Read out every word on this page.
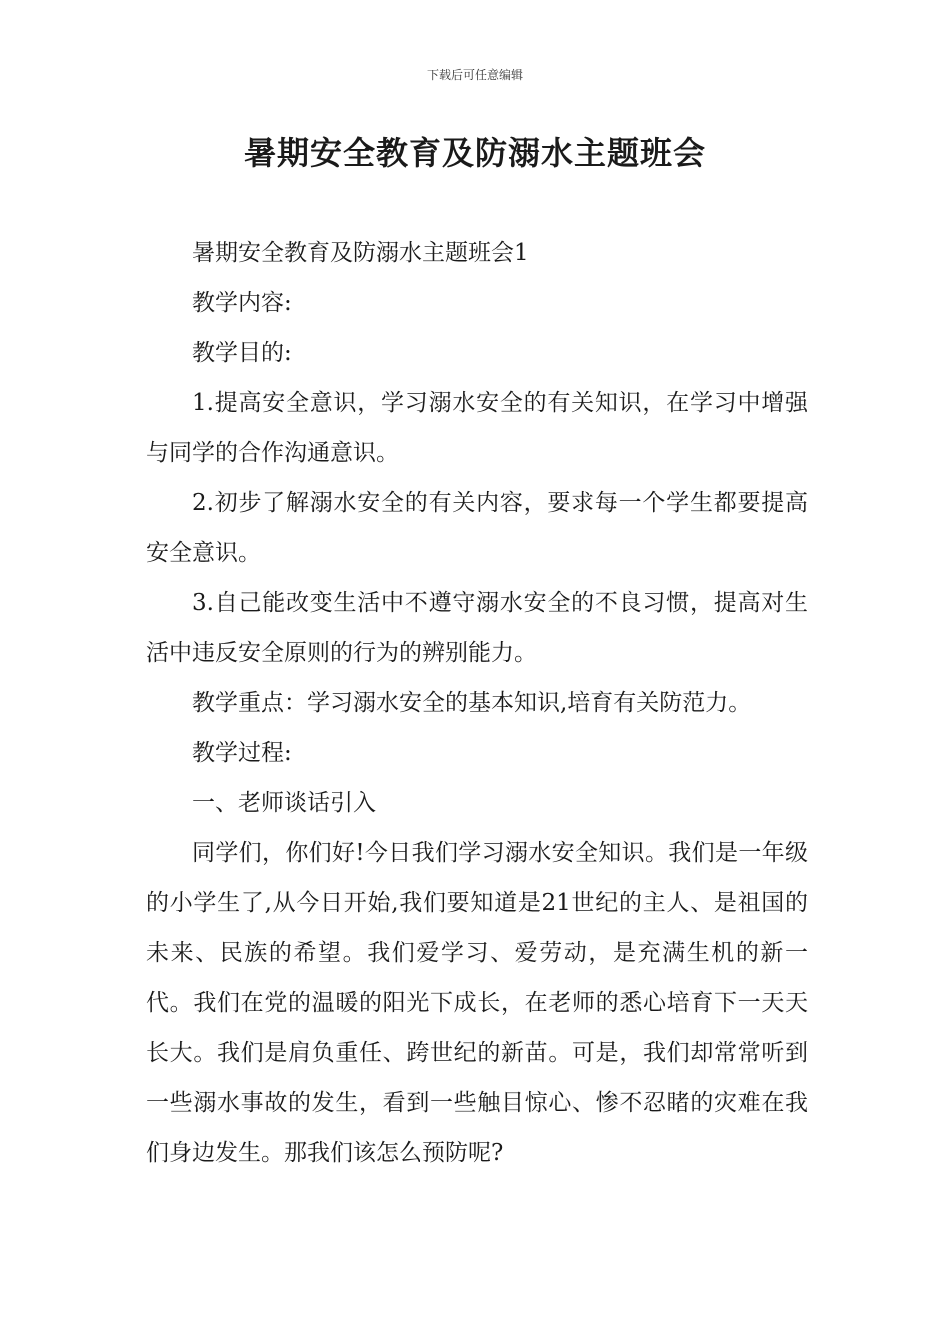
下载后可任意编辑
暑期安全教育及防溺水主题班会

暑期安全教育及防溺水主题班会1

教学内容:

教学目的:

1.提高安全意识，学习溺水安全的有关知识，在学习中增强与同学的合作沟通意识。

2.初步了解溺水安全的有关内容，要求每一个学生都要提高安全意识。

3.自己能改变生活中不遵守溺水安全的不良习惯，提高对生活中违反安全原则的行为的辨别能力。

教学重点：学习溺水安全的基本知识,培育有关防范力。

教学过程:

一、老师谈话引入

同学们，你们好!今日我们学习溺水安全知识。我们是一年级的小学生了,从今日开始,我们要知道是21世纪的主人、是祖国的未来、民族的希望。我们爱学习、爱劳动，是充满生机的新一代。我们在党的温暖的阳光下成长，在老师的悉心培育下一天天长大。我们是肩负重任、跨世纪的新苗。可是，我们却常常听到一些溺水事故的发生，看到一些触目惊心、惨不忍睹的灾难在我们身边发生。那我们该怎么预防呢?
